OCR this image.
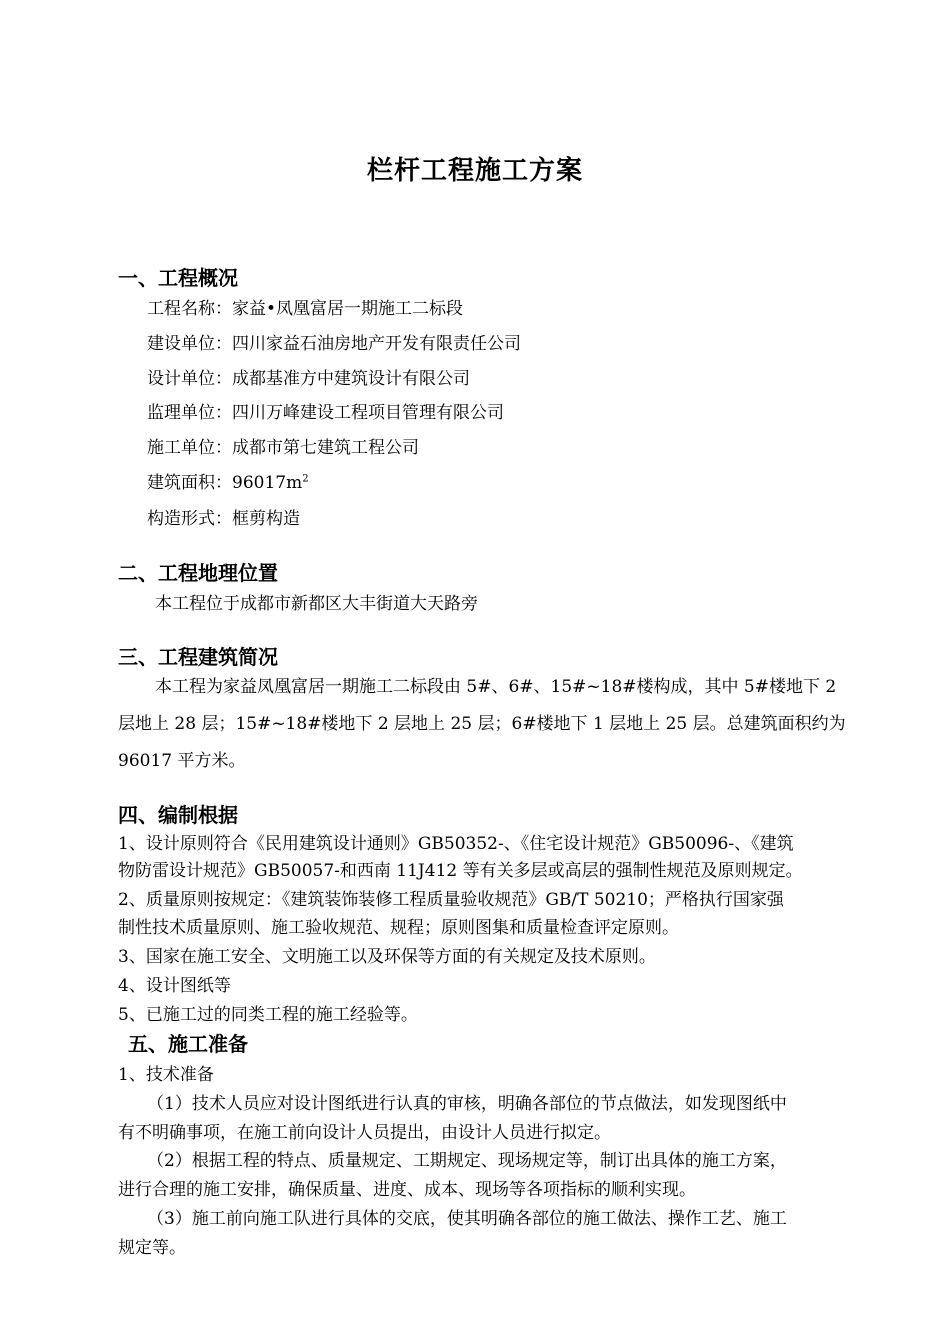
栏杆工程施工方案
一、工程概况
工程名称：家益•凤凰富居一期施工二标段
建设单位：四川家益石油房地产开发有限责任公司
设计单位：成都基准方中建筑设计有限公司
监理单位：四川万峰建设工程项目管理有限公司
施工单位：成都市第七建筑工程公司
建筑面积：$96017m^2$
构造形式：框剪构造
二、工程地理位置
本工程位于成都市新都区大丰街道大天路旁
三、工程建筑简况
本工程为家益凤凰富居一期施工二标段由 5#、6#、15#~18#楼构成，其中 5#楼地下 2
层地上 28 层；15#~18#楼地下 2 层地上 25 层；6#楼地下 1 层地上 25 层。总建筑面积约为
96017 平方米。
四、编制根据
1、设计原则符合《民用建筑设计通则》GB50352-、《住宅设计规范》GB50096-、《建筑
物防雷设计规范》GB50057-和西南 11J412 等有关多层或高层的强制性规范及原则规定。
2、质量原则按规定：《建筑装饰装修工程质量验收规范》GB/T 50210；严格执行国家强
制性技术质量原则、施工验收规范、规程；原则图集和质量检查评定原则。
3、国家在施工安全、文明施工以及环保等方面的有关规定及技术原则。
4、设计图纸等
5、已施工过的同类工程的施工经验等。
五、施工准备
1、技术准备
（1）技术人员应对设计图纸进行认真的审核，明确各部位的节点做法，如发现图纸中
有不明确事项，在施工前向设计人员提出，由设计人员进行拟定。
（2）根据工程的特点、质量规定、工期规定、现场规定等，制订出具体的施工方案，
进行合理的施工安排，确保质量、进度、成本、现场等各项指标的顺利实现。
（3）施工前向施工队进行具体的交底，使其明确各部位的施工做法、操作工艺、施工
规定等。
